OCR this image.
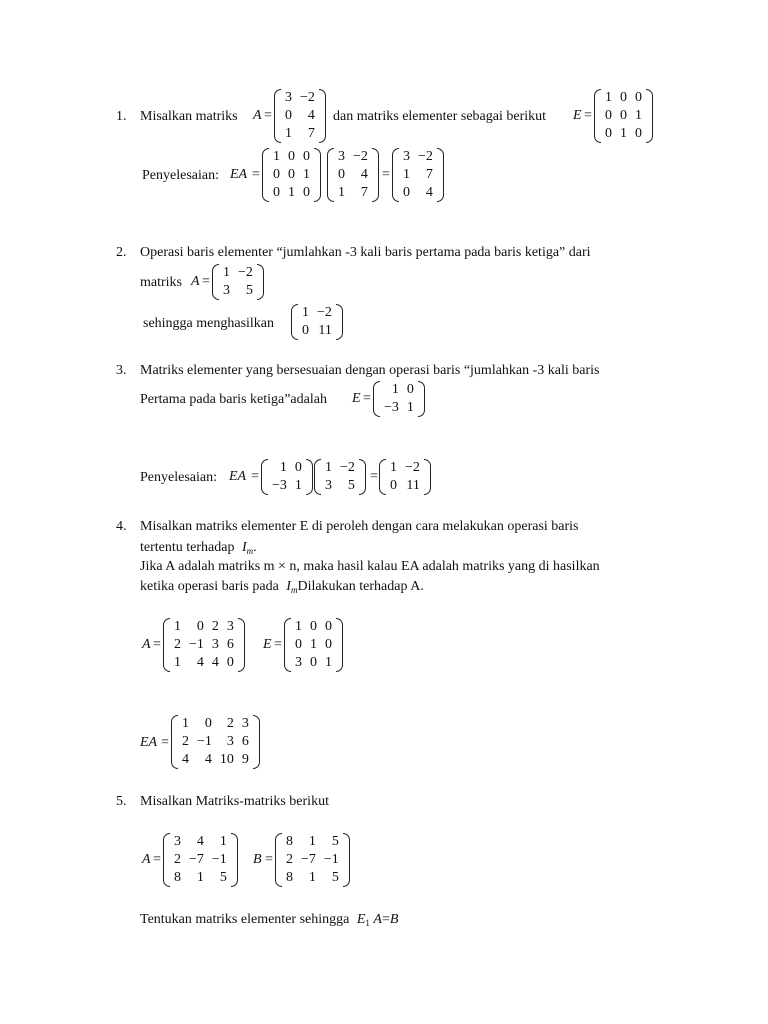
1. Misalkan matriks A =
3	−2
0	4
1	7
dan matriks elementer sebagai berikut E =
1	0	0
0	0	1
0	1	0
Penyelesaian: EA =
1	0	0
0	0	1
0	1	0
3	−2
0	4
1	7
=
3	−2
1	7
0	4
2. Operasi baris elementer “jumlahkan -3 kali baris pertama pada baris ketiga” dari
matriks A =
1	−2
3	5
sehingga menghasilkan
1	−2
0	11
3. Matriks elementer yang bersesuaian dengan operasi baris “jumlahkan -3 kali baris
Pertama pada baris ketiga”adalah E =
1	0
−3	1
Penyelesaian: EA =
1	0
−3	1
1	−2
3	5
=
1	−2
0	11
4. Misalkan matriks elementer E di peroleh dengan cara melakukan operasi baris
tertentu terhadap $I_m$.
Jika A adalah matriks m × n, maka hasil kalau EA adalah matriks yang di hasilkan
ketika operasi baris pada $I_mDilakukan$ terhadap A.
A =
1	0	2	3
2	−1	3	6
1	4	4	0
E =
1	0	0
0	1	0
3	0	1
EA =
1	0	2	3
2	−1	3	6
4	4	10	9
5. Misalkan Matriks-matriks berikut
A =
3	4	1
2	−7	−1
8	1	5
B =
8	1	5
2	−7	−1
8	1	5
Tentukan matriks elementer sehingga $E_1$ A=B
